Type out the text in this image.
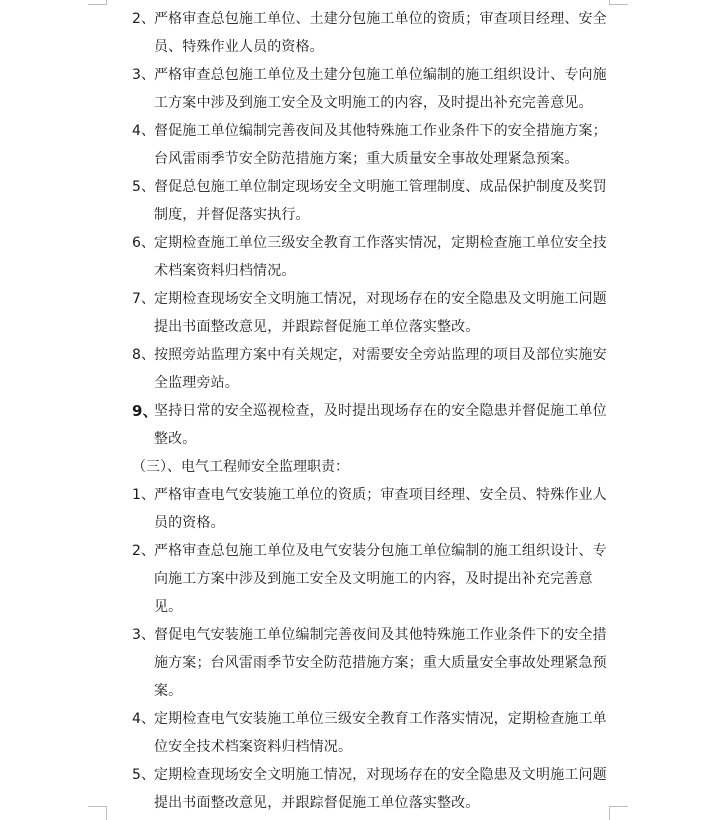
2、
严格审查总包施工单位、土建分包施工单位的资质；审查项目经理、安全员、特殊作业人员的资格。
3、
严格审查总包施工单位及土建分包施工单位编制的施工组织设计、专向施工方案中涉及到施工安全及文明施工的内容，及时提出补充完善意见。
4、
督促施工单位编制完善夜间及其他特殊施工作业条件下的安全措施方案；台风雷雨季节安全防范措施方案；重大质量安全事故处理紧急预案。
5、
督促总包施工单位制定现场安全文明施工管理制度、成品保护制度及奖罚制度，并督促落实执行。
6、
定期检查施工单位三级安全教育工作落实情况，定期检查施工单位安全技术档案资料归档情况。
7、
定期检查现场安全文明施工情况，对现场存在的安全隐患及文明施工问题提出书面整改意见，并跟踪督促施工单位落实整改。
8、
按照旁站监理方案中有关规定，对需要安全旁站监理的项目及部位实施安全监理旁站。
9、
坚持日常的安全巡视检查，及时提出现场存在的安全隐患并督促施工单位整改。
（三）、电气工程师安全监理职责：
1、
严格审查电气安装施工单位的资质；审查项目经理、安全员、特殊作业人员的资格。
2、
严格审查总包施工单位及电气安装分包施工单位编制的施工组织设计、专向施工方案中涉及到施工安全及文明施工的内容，及时提出补充完善意见。
3、
督促电气安装施工单位编制完善夜间及其他特殊施工作业条件下的安全措施方案；台风雷雨季节安全防范措施方案；重大质量安全事故处理紧急预案。
4、
定期检查电气安装施工单位三级安全教育工作落实情况，定期检查施工单位安全技术档案资料归档情况。
5、
定期检查现场安全文明施工情况，对现场存在的安全隐患及文明施工问题提出书面整改意见，并跟踪督促施工单位落实整改。
